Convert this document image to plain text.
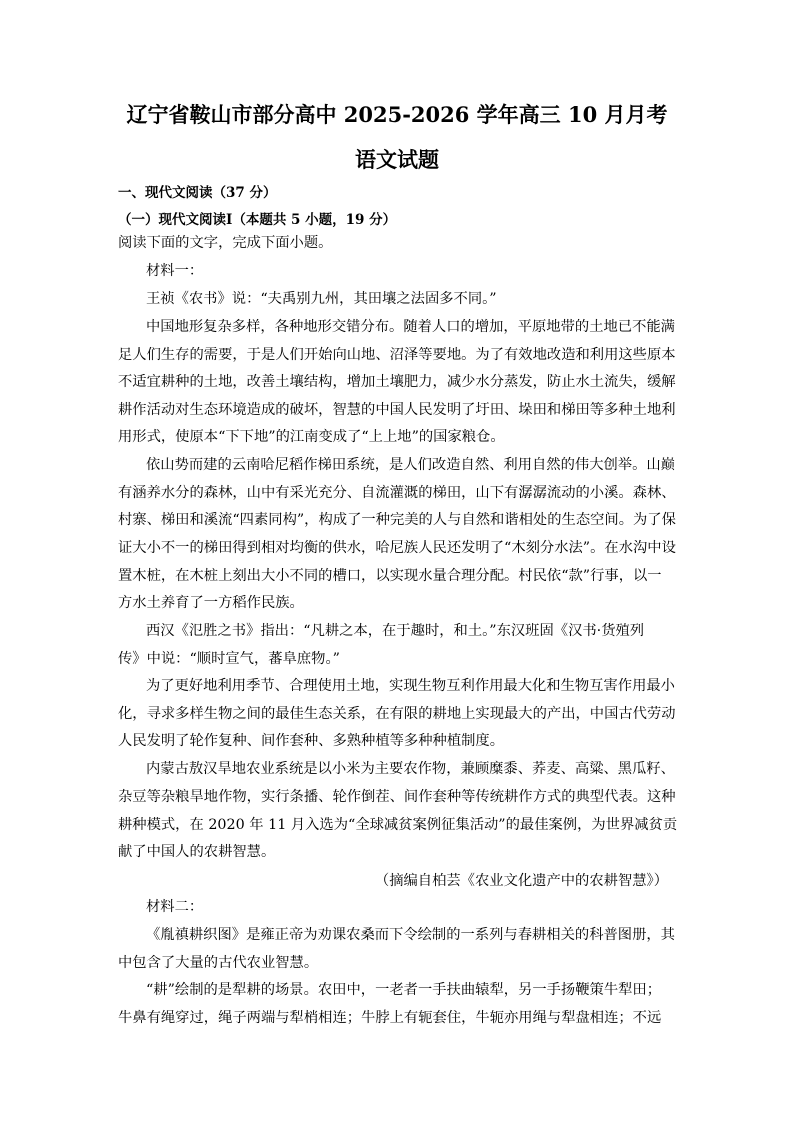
辽宁省鞍山市部分高中 2025-2026 学年高三 10 月月考
语文试题
一、现代文阅读（37 分）
（一）现代文阅读Ⅰ（本题共 5 小题，19 分）
阅读下面的文字，完成下面小题。
材料一：
王祯《农书》说：“夫禹别九州，其田壤之法固多不同。”
中国地形复杂多样，各种地形交错分布。随着人口的增加，平原地带的土地已不能满
足人们生存的需要，于是人们开始向山地、沼泽等要地。为了有效地改造和利用这些原本
不适宜耕种的土地，改善土壤结构，增加土壤肥力，减少水分蒸发，防止水土流失，缓解
耕作活动对生态环境造成的破坏，智慧的中国人民发明了圩田、垛田和梯田等多种土地利
用形式，使原本“下下地”的江南变成了“上上地”的国家粮仓。
依山势而建的云南哈尼稻作梯田系统，是人们改造自然、利用自然的伟大创举。山巅
有涵养水分的森林，山中有采光充分、自流灌溉的梯田，山下有潺潺流动的小溪。森林、
村寨、梯田和溪流“四素同构”，构成了一种完美的人与自然和谐相处的生态空间。为了保
证大小不一的梯田得到相对均衡的供水，哈尼族人民还发明了“木刻分水法”。在水沟中设
置木桩，在木桩上刻出大小不同的槽口，以实现水量合理分配。村民依“款”行事，以一
方水土养育了一方稻作民族。
西汉《氾胜之书》指出：“凡耕之本，在于趣时，和土。”东汉班固《汉书·货殖列
传》中说：“顺时宣气，蕃阜庶物。”
为了更好地利用季节、合理使用土地，实现生物互利作用最大化和生物互害作用最小
化，寻求多样生物之间的最佳生态关系，在有限的耕地上实现最大的产出，中国古代劳动
人民发明了轮作复种、间作套种、多熟种植等多种种植制度。
内蒙古敖汉旱地农业系统是以小米为主要农作物，兼顾糜黍、荞麦、高粱、黑瓜籽、
杂豆等杂粮旱地作物，实行条播、轮作倒茬、间作套种等传统耕作方式的典型代表。这种
耕种模式，在 2020 年 11 月入选为“全球减贫案例征集活动”的最佳案例，为世界减贫贡
献了中国人的农耕智慧。
（摘编自柏芸《农业文化遗产中的农耕智慧》）
材料二：
《胤禛耕织图》是雍正帝为劝课农桑而下令绘制的一系列与春耕相关的科普图册，其
中包含了大量的古代农业智慧。
“耕”绘制的是犁耕的场景。农田中，一老者一手扶曲辕犁，另一手扬鞭策牛犁田；
牛鼻有绳穿过，绳子两端与犁梢相连；牛脖上有轭套住，牛轭亦用绳与犁盘相连；不远
